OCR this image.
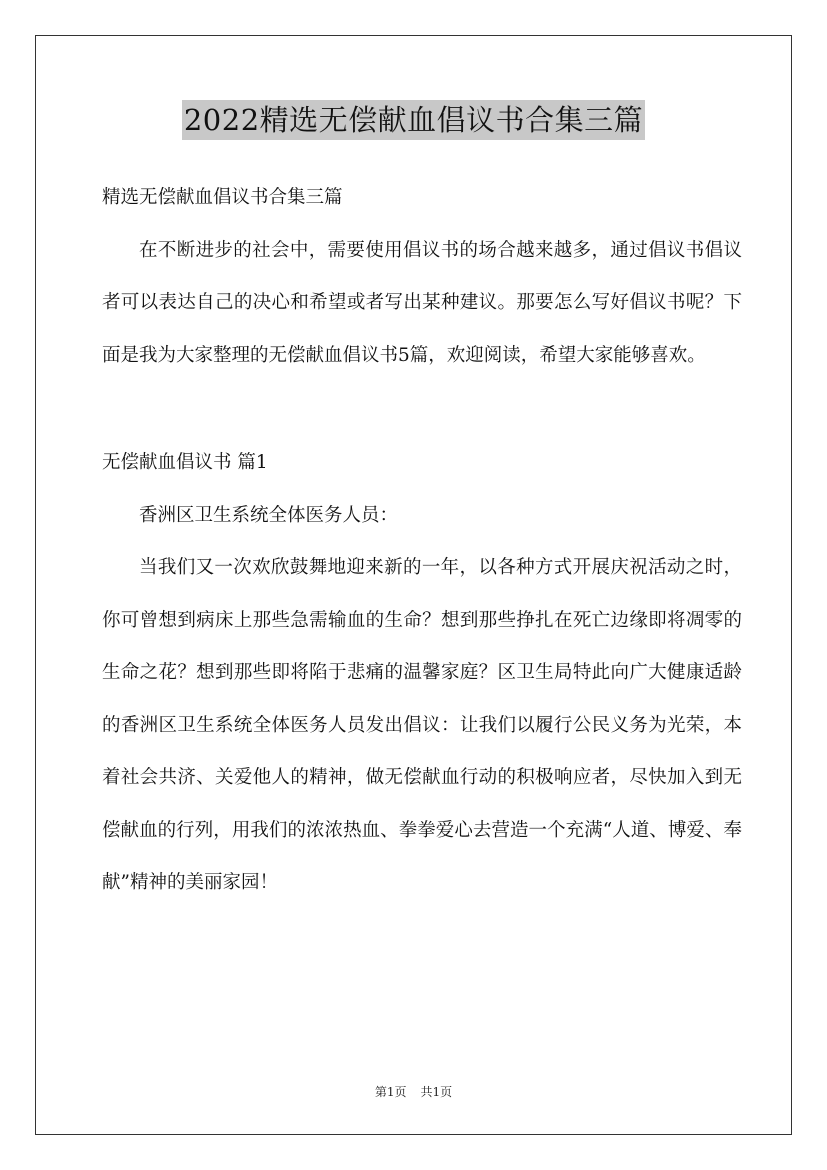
2022精选无偿献血倡议书合集三篇

精选无偿献血倡议书合集三篇

在不断进步的社会中，需要使用倡议书的场合越来越多，通过倡议书倡议者可以表达自己的决心和希望或者写出某种建议。那要怎么写好倡议书呢？下面是我为大家整理的无偿献血倡议书5篇，欢迎阅读，希望大家能够喜欢。

无偿献血倡议书 篇1

香洲区卫生系统全体医务人员：

当我们又一次欢欣鼓舞地迎来新的一年，以各种方式开展庆祝活动之时，你可曾想到病床上那些急需输血的生命？想到那些挣扎在死亡边缘即将凋零的生命之花？想到那些即将陷于悲痛的温馨家庭？区卫生局特此向广大健康适龄的香洲区卫生系统全体医务人员发出倡议：让我们以履行公民义务为光荣，本着社会共济、关爱他人的精神，做无偿献血行动的积极响应者，尽快加入到无偿献血的行列，用我们的浓浓热血、拳拳爱心去营造一个充满“人道、博爱、奉献”精神的美丽家园！

第1页 共1页
